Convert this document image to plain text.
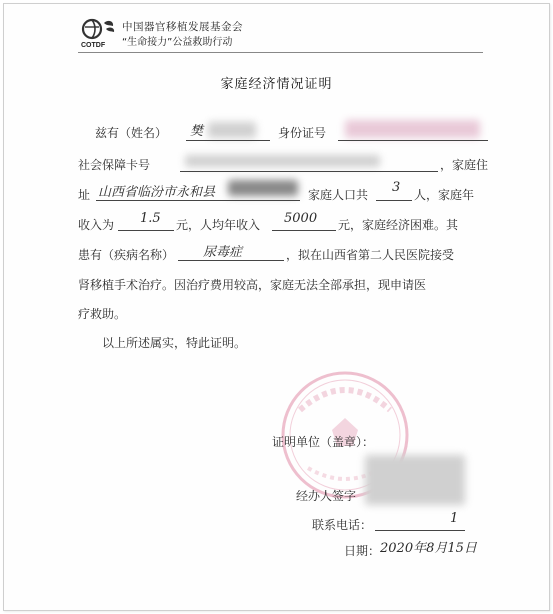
COTDF
中国器官移植发展基金会
“生命接力”公益救助行动
家庭经济情况证明
兹有（姓名） 樊	身份证号
社会保障卡号	，家庭住
址 山西省临汾市永和县	家庭人口共 3 人，家庭年
收入为 1.5 元，人均年收入 5000 元，家庭经济困难。其
患有（疾病名称） 尿毒症	，拟在山西省第二人民医院接受
肾移植手术治疗。因治疗费用较高，家庭无法全部承担，现申请医
疗救助。
以上所述属实，特此证明。
证明单位（盖章）：
经办人签字
联系电话：	1
日期： 2020年8月15日
